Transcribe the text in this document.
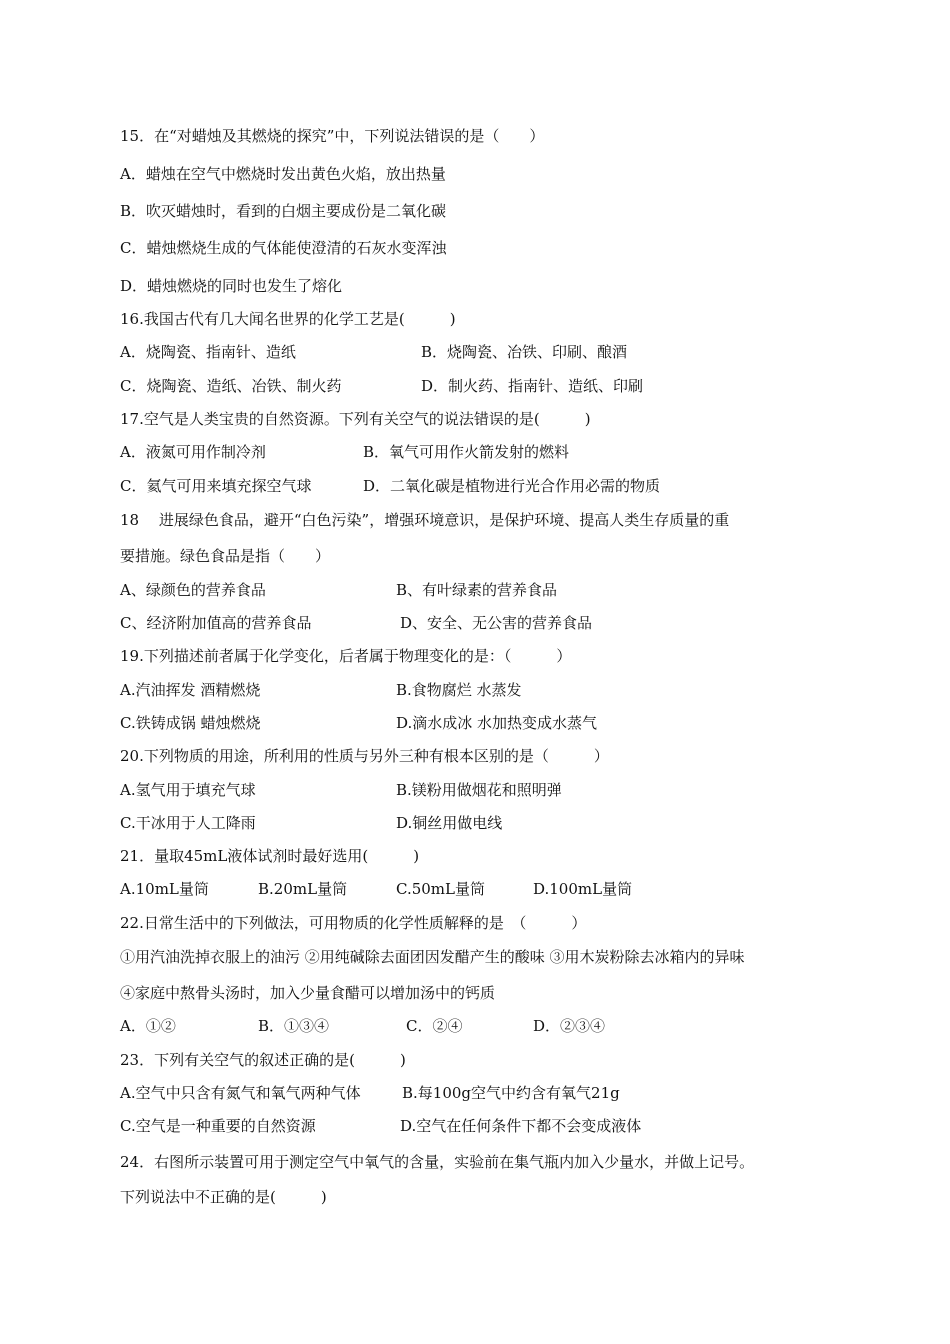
15．在“对蜡烛及其燃烧的探究”中，下列说法错误的是（　　）
A．蜡烛在空气中燃烧时发出黄色火焰，放出热量
B．吹灭蜡烛时，看到的白烟主要成份是二氧化碳
C．蜡烛燃烧生成的气体能使澄清的石灰水变浑浊
D．蜡烛燃烧的同时也发生了熔化
16.我国古代有几大闻名世界的化学工艺是(　　　)
A．烧陶瓷、指南针、造纸	B．烧陶瓷、冶铁、印刷、酿酒
C．烧陶瓷、造纸、冶铁、制火药	D．制火药、指南针、造纸、印刷
17.空气是人类宝贵的自然资源。下列有关空气的说法错误的是(　　　)
A．液氮可用作制冷剂	B．氧气可用作火箭发射的燃料
C．氦气可用来填充探空气球	D．二氧化碳是植物进行光合作用必需的物质
18　 进展绿色食品，避开“白色污染”，增强环境意识，是保护环境、提高人类生存质量的重
要措施。绿色食品是指（　　）
A、绿颜色的营养食品	B、有叶绿素的营养食品
C、经济附加值高的营养食品	D、安全、无公害的营养食品
19.下列描述前者属于化学变化，后者属于物理变化的是：（　　　）
A.汽油挥发 酒精燃烧	B.食物腐烂 水蒸发
C.铁铸成锅 蜡烛燃烧	D.滴水成冰 水加热变成水蒸气
20.下列物质的用途，所利用的性质与另外三种有根本区别的是（　　　）
A.氢气用于填充气球	B.镁粉用做烟花和照明弹
C.干冰用于人工降雨	D.铜丝用做电线
21．量取45mL液体试剂时最好选用(　　　)
A.10mL量筒	B.20mL量筒	C.50mL量筒	D.100mL量筒
22.日常生活中的下列做法，可用物质的化学性质解释的是　（　　　）
①用汽油洗掉衣服上的油污 ②用纯碱除去面团因发醋产生的酸味 ③用木炭粉除去冰箱内的异味
④家庭中熬骨头汤时，加入少量食醋可以增加汤中的钙质
A．①②	B．①③④	C．②④	D．②③④
23．下列有关空气的叙述正确的是(　　　)
A.空气中只含有氮气和氧气两种气体	B.每100g空气中约含有氧气21g
C.空气是一种重要的自然资源	D.空气在任何条件下都不会变成液体
24．右图所示装置可用于测定空气中氧气的含量，实验前在集气瓶内加入少量水，并做上记号。
下列说法中不正确的是(　　　)
